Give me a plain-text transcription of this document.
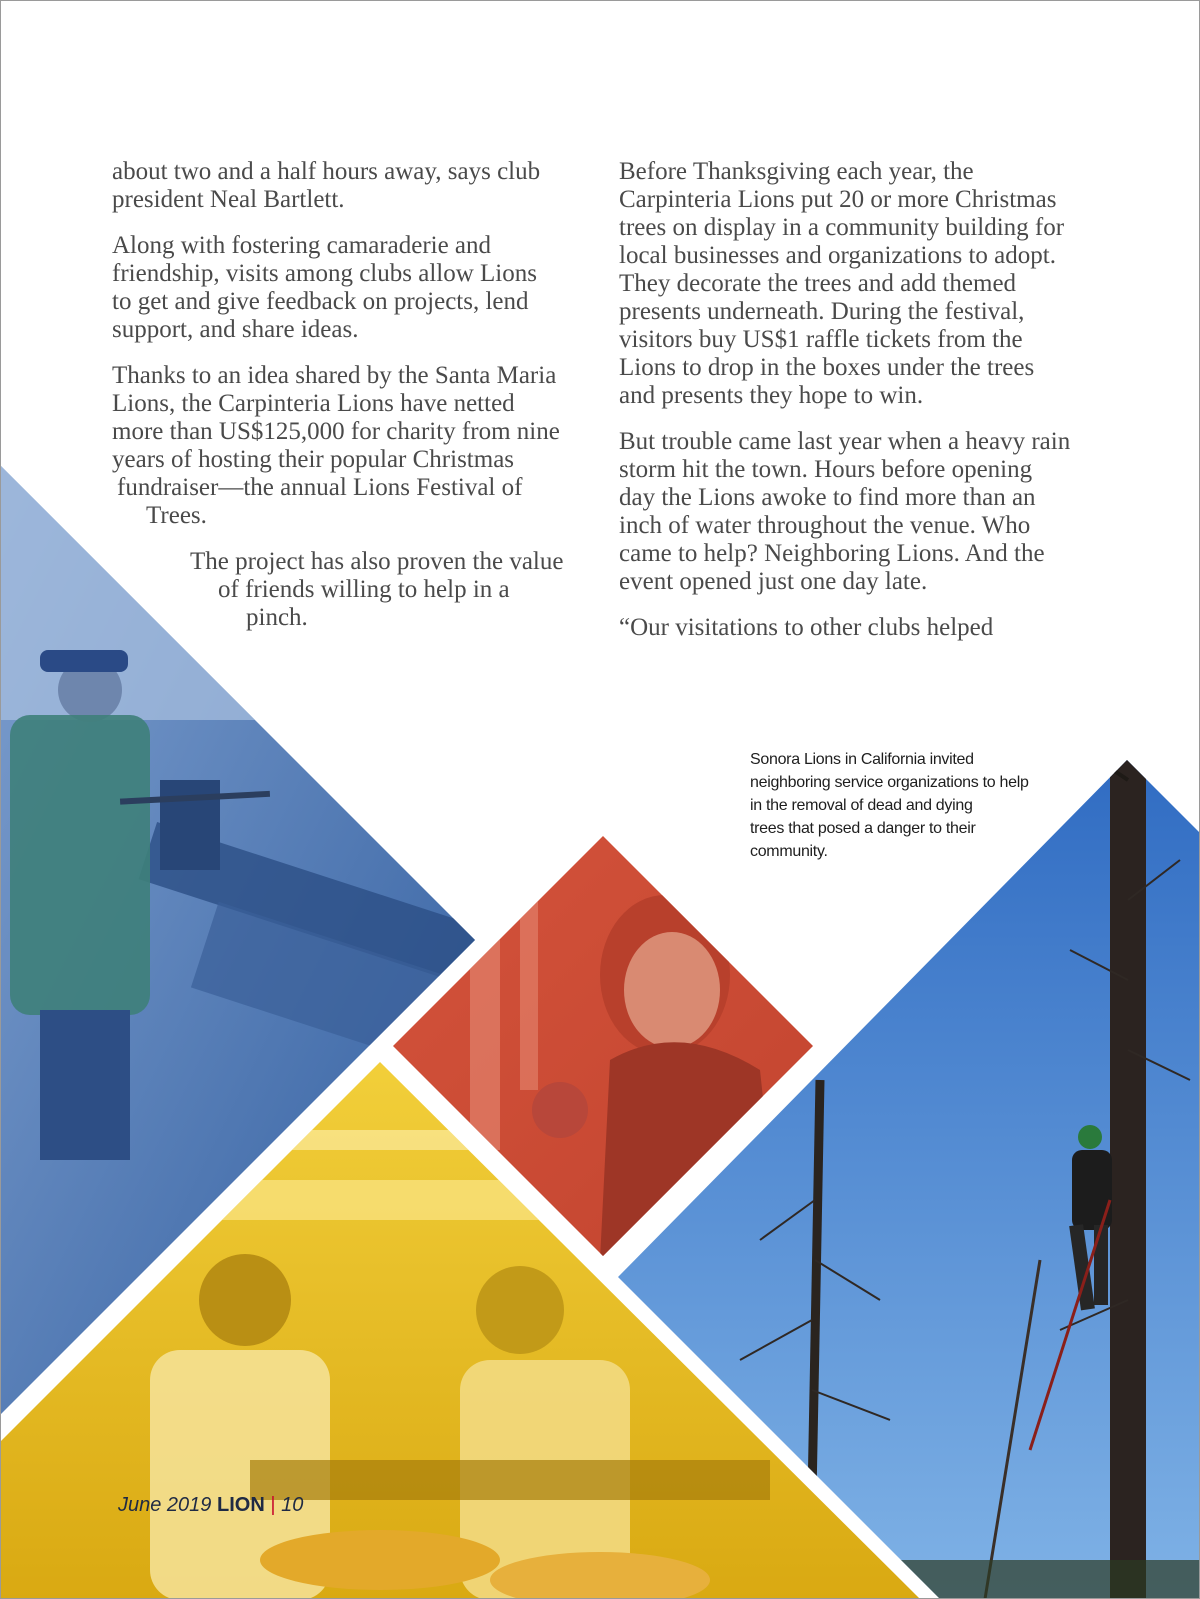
about two and a half hours away, says club
president Neal Bartlett.

Along with fostering camaraderie and
friendship, visits among clubs allow Lions
to get and give feedback on projects, lend
support, and share ideas.

Thanks to an idea shared by the Santa Maria
Lions, the Carpinteria Lions have netted
more than US$125,000 for charity from nine
years of hosting their popular Christmas
fundraiser—the annual Lions Festival of
Trees.

The project has also proven the value
of friends willing to help in a
pinch.

Before Thanksgiving each year, the
Carpinteria Lions put 20 or more Christmas
trees on display in a community building for
local businesses and organizations to adopt.
They decorate the trees and add themed
presents underneath. During the festival,
visitors buy US$1 raffle tickets from the
Lions to drop in the boxes under the trees
and presents they hope to win.

But trouble came last year when a heavy rain
storm hit the town. Hours before opening
day the Lions awoke to find more than an
inch of water throughout the venue. Who
came to help? Neighboring Lions. And the
event opened just one day late.

“Our visitations to other clubs helped

Sonora Lions in California invited
neighboring service organizations to help
in the removal of dead and dying
trees that posed a danger to their
community.
June 2019 LION | 10
